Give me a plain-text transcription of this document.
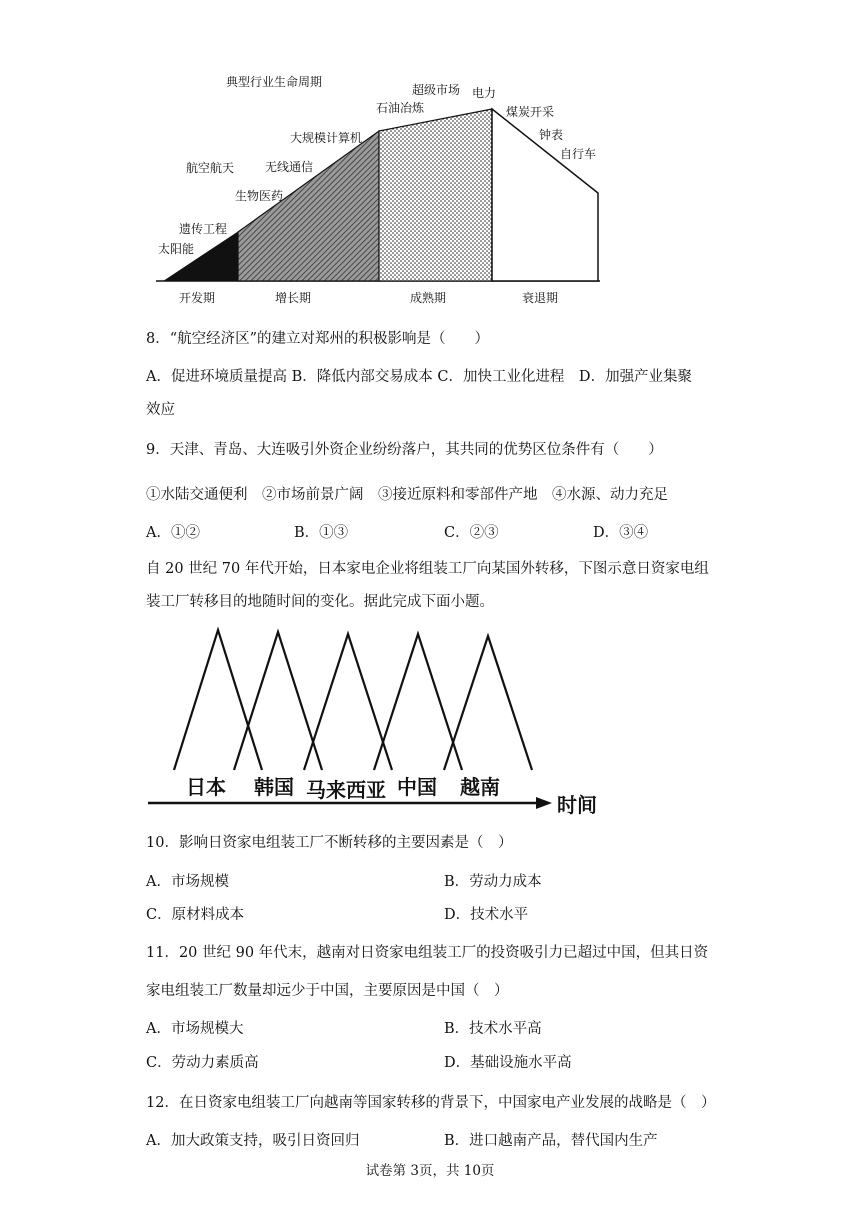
典型行业生命周期
太阳能
遗传工程
航空航天
生物医药
无线通信
大规模计算机
石油冶炼
超级市场 电力
煤炭开采
钟表
自行车
开发期	增长期	成熟期	衰退期
8．“航空经济区”的建立对郑州的积极影响是（　　）
A．促进环境质量提高 B．降低内部交易成本 C．加快工业化进程　D．加强产业集聚
效应
9．天津、青岛、大连吸引外资企业纷纷落户，其共同的优势区位条件有（　　）
①水陆交通便利　②市场前景广阔　③接近原料和零部件产地　④水源、动力充足
A．①②	B．①③	C．②③	D．③④
自 20 世纪 70 年代开始，日本家电企业将组装工厂向某国外转移，下图示意日资家电组
装工厂转移目的地随时间的变化。据此完成下面小题。
日本 韩国 马来西亚 中国 越南
时间
10．影响日资家电组装工厂不断转移的主要因素是（　）
A．市场规模	B．劳动力成本
C．原材料成本	D．技术水平
11．20 世纪 90 年代末，越南对日资家电组装工厂的投资吸引力已超过中国，但其日资
家电组装工厂数量却远少于中国，主要原因是中国（　）
A．市场规模大	B．技术水平高
C．劳动力素质高	D．基础设施水平高
12．在日资家电组装工厂向越南等国家转移的背景下，中国家电产业发展的战略是（　）
A．加大政策支持，吸引日资回归	B．进口越南产品，替代国内生产
试卷第 3页，共 10页
